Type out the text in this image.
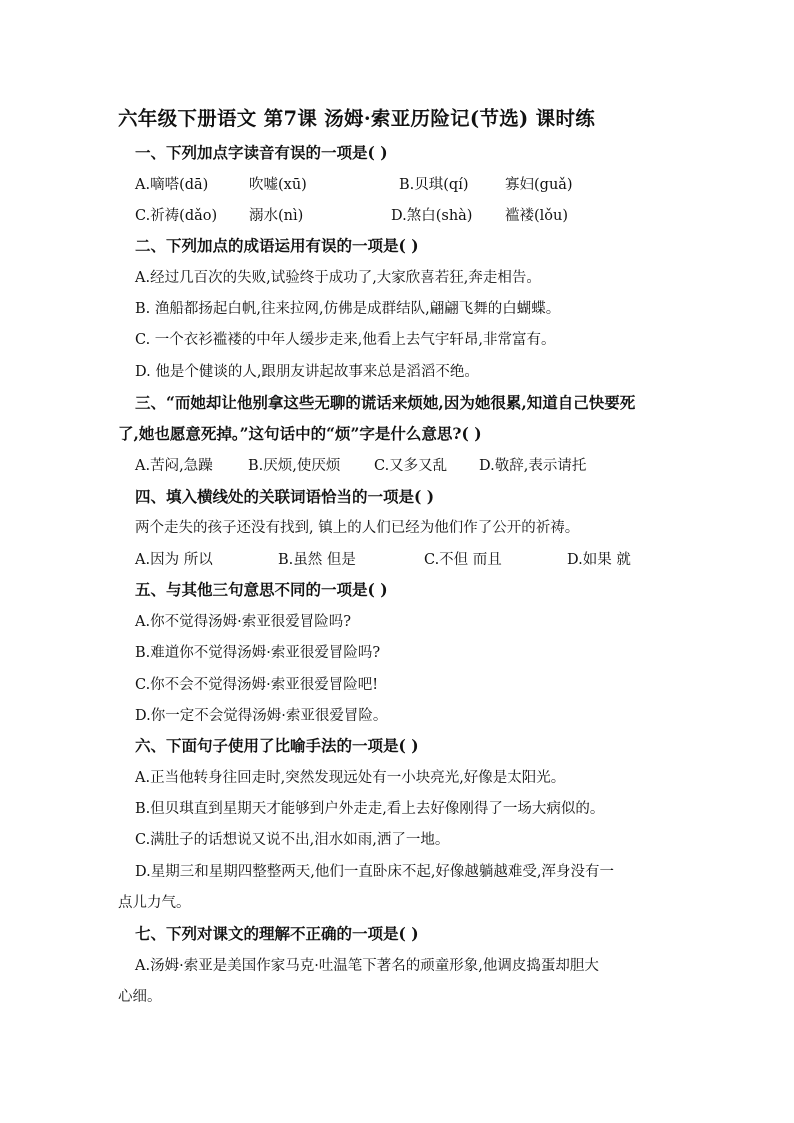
六年级下册语文 第7课 汤姆·索亚历险记(节选) 课时练
一、下列加点字读音有误的一项是( )
A.嘀嗒(dā)	吹嘘(xū)	B.贝琪(qí)	寡妇(guǎ)
C.祈祷(dǎo) 溺水(nì)	D.煞白(shà) 褴褛(lǒu)
二、下列加点的成语运用有误的一项是( )
A.经过几百次的失败,试验终于成功了,大家欣喜若狂,奔走相告。
B. 渔船都扬起白帆,往来拉网,仿佛是成群结队,翩翩飞舞的白蝴蝶。
C. 一个衣衫褴褛的中年人缓步走来,他看上去气宇轩昂,非常富有。
D. 他是个健谈的人,跟朋友讲起故事来总是滔滔不绝。
三、“而她却让他别拿这些无聊的谎话来烦她,因为她很累,知道自己快要死
了,她也愿意死掉。”这句话中的“烦”字是什么意思?( )
A.苦闷,急躁 B.厌烦,使厌烦 C.又多又乱 D.敬辞,表示请托
四、填入横线处的关联词语恰当的一项是( )
两个走失的孩子还没有找到, 镇上的人们已经为他们作了公开的祈祷。
A.因为 所以	B.虽然 但是	C.不但 而且	D.如果 就
五、与其他三句意思不同的一项是( )
A.你不觉得汤姆·索亚很爱冒险吗?
B.难道你不觉得汤姆·索亚很爱冒险吗?
C.你不会不觉得汤姆·索亚很爱冒险吧!
D.你一定不会觉得汤姆·索亚很爱冒险。
六、下面句子使用了比喻手法的一项是( )
A.正当他转身往回走时,突然发现远处有一小块亮光,好像是太阳光。
B.但贝琪直到星期天才能够到户外走走,看上去好像刚得了一场大病似的。
C.满肚子的话想说又说不出,泪水如雨,洒了一地。
D.星期三和星期四整整两天,他们一直卧床不起,好像越躺越难受,浑身没有一
点儿力气。
七、下列对课文的理解不正确的一项是( )
A.汤姆·索亚是美国作家马克·吐温笔下著名的顽童形象,他调皮捣蛋却胆大
心细。
